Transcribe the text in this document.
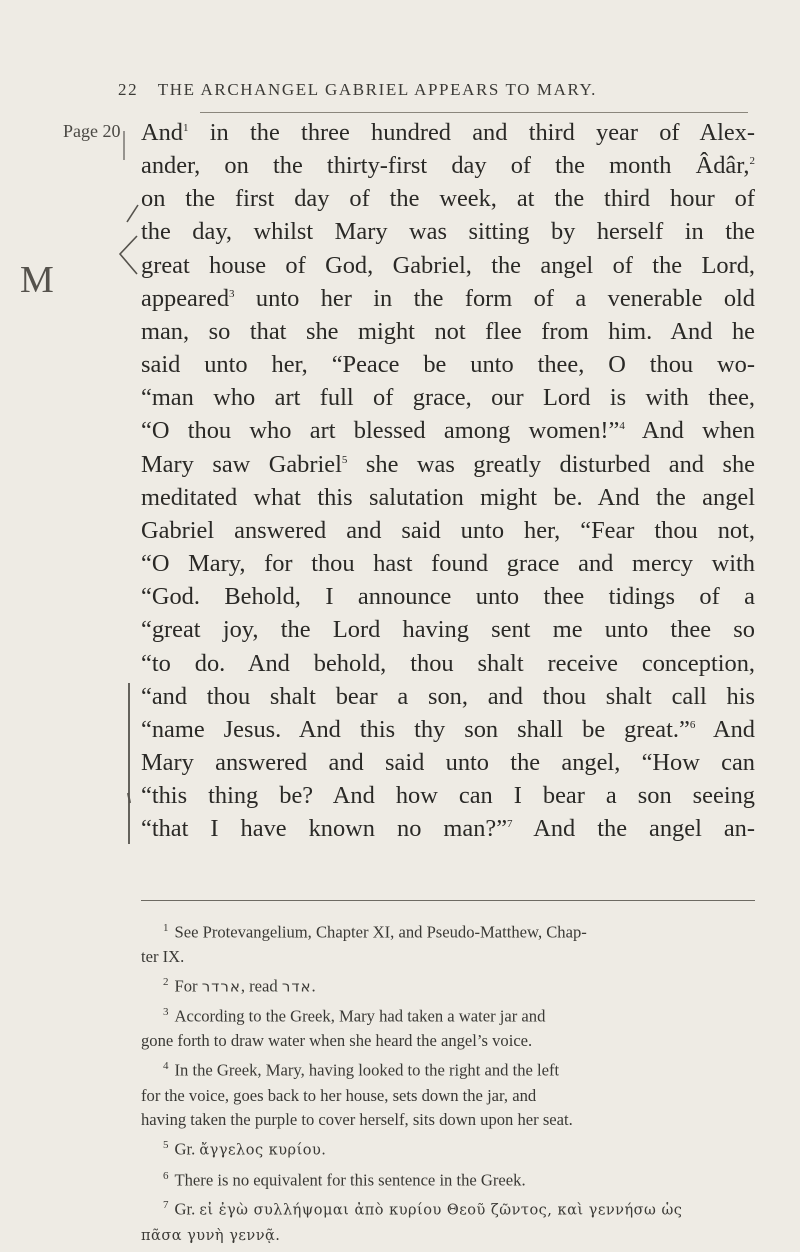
22 THE ARCHANGEL GABRIEL APPEARS TO MARY.
Page 20
M
And$^1$ in the three hundred and third year of Alex-
ander, on the thirty-first day of the month Âdâr,$^2$
on the first day of the week, at the third hour of
the day, whilst Mary was sitting by herself in the
great house of God, Gabriel, the angel of the Lord,
appeared$^3$ unto her in the form of a venerable old
man, so that she might not flee from him. And he
said unto her, “Peace be unto thee, O thou wo-
“man who art full of grace, our Lord is with thee,
“O thou who art blessed among women!”$^4$ And when
Mary saw Gabriel$^5$ she was greatly disturbed and she
meditated what this salutation might be. And the angel
Gabriel answered and said unto her, “Fear thou not,
“O Mary, for thou hast found grace and mercy with
“God. Behold, I announce unto thee tidings of a
“great joy, the Lord having sent me unto thee so
“to do. And behold, thou shalt receive conception,
“and thou shalt bear a son, and thou shalt call his
“name Jesus. And this thy son shall be great.”$^6$ And
Mary answered and said unto the angel, “How can
“this thing be? And how can I bear a son seeing
“that I have known no man?”$^7$ And the angel an-
$^1$ See Protevangelium, Chapter XI, and Pseudo-Matthew, Chap-
ter IX.
$^2$ For ארדר, read אדר.
$^3$ According to the Greek, Mary had taken a water jar and
gone forth to draw water when she heard the angel’s voice.
$^4$ In the Greek, Mary, having looked to the right and the left
for the voice, goes back to her house, sets down the jar, and
having taken the purple to cover herself, sits down upon her seat.
$^5$ Gr. ἄγγελος κυρίου.
$^6$ There is no equivalent for this sentence in the Greek.
$^7$ Gr. εἰ ἐγὼ συλλήψομαι ἀπὸ κυρίου Θεοῦ ζῶντος, καὶ γεννήσω ὡς
πᾶσα γυνὴ γεννᾷ.
